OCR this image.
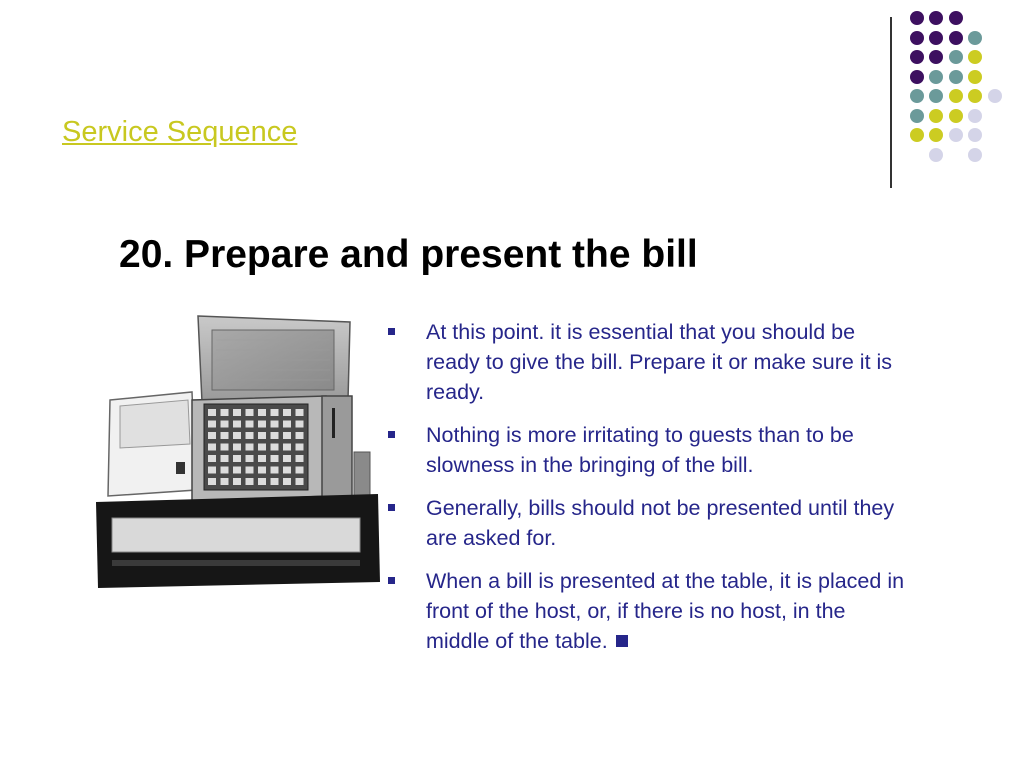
Service Sequence
20. Prepare and present the bill
At this point. it is essential that you should be ready to give the bill. Prepare it or make sure it is ready.
Nothing is more irritating to guests than to be slowness in the bringing of the bill.
Generally, bills should not be presented until they are asked for.
When a bill is presented at the table, it is placed in front of the host, or, if there is no host, in the middle of the table.
